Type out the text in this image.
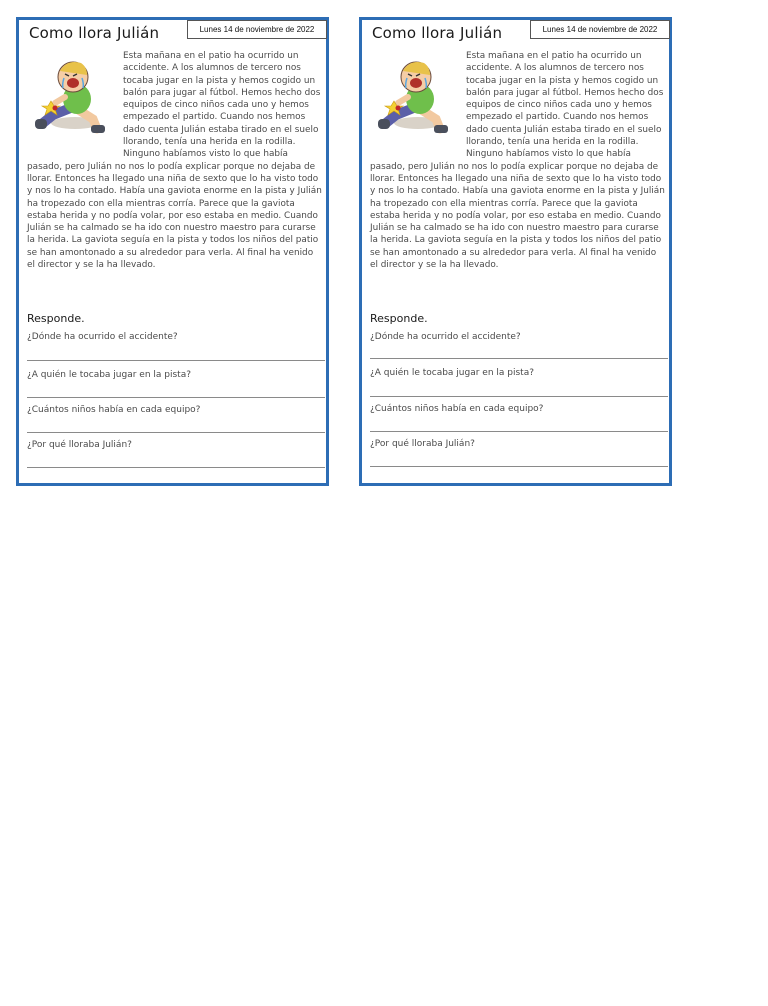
Como llora Julián	Lunes 14 de noviembre de 2022
Esta mañana en el patio ha ocurrido un accidente. A los alumnos de tercero nos tocaba jugar en la pista y hemos cogido un balón para jugar al fútbol. Hemos hecho dos equipos de cinco niños cada uno y hemos empezado el partido. Cuando nos hemos dado cuenta Julián estaba tirado en el suelo llorando, tenía una herida en la rodilla. Ninguno habíamos visto lo que había pasado, pero Julián no nos lo podía explicar porque no dejaba de llorar. Entonces ha llegado una niña de sexto que lo ha visto todo y nos lo ha contado. Había una gaviota enorme en la pista y Julián ha tropezado con ella mientras corría. Parece que la gaviota estaba herida y no podía volar, por eso estaba en medio. Cuando Julián se ha calmado se ha ido con nuestro maestro para curarse la herida. La gaviota seguía en la pista y todos los niños del patio se han amontonado a su alrededor para verla. Al final ha venido el director y se la ha llevado.
Responde.
¿Dónde ha ocurrido el accidente?
¿A quién le tocaba jugar en la pista?
¿Cuántos niños había en cada equipo?
¿Por qué lloraba Julián?
Como llora Julián	Lunes 14 de noviembre de 2022
Esta mañana en el patio ha ocurrido un accidente. A los alumnos de tercero nos tocaba jugar en la pista y hemos cogido un balón para jugar al fútbol. Hemos hecho dos equipos de cinco niños cada uno y hemos empezado el partido. Cuando nos hemos dado cuenta Julián estaba tirado en el suelo llorando, tenía una herida en la rodilla. Ninguno habíamos visto lo que había pasado, pero Julián no nos lo podía explicar porque no dejaba de llorar. Entonces ha llegado una niña de sexto que lo ha visto todo y nos lo ha contado. Había una gaviota enorme en la pista y Julián ha tropezado con ella mientras corría. Parece que la gaviota estaba herida y no podía volar, por eso estaba en medio. Cuando Julián se ha calmado se ha ido con nuestro maestro para curarse la herida. La gaviota seguía en la pista y todos los niños del patio se han amontonado a su alrededor para verla. Al final ha venido el director y se la ha llevado.
Responde.
¿Dónde ha ocurrido el accidente?
¿A quién le tocaba jugar en la pista?
¿Cuántos niños había en cada equipo?
¿Por qué lloraba Julián?
